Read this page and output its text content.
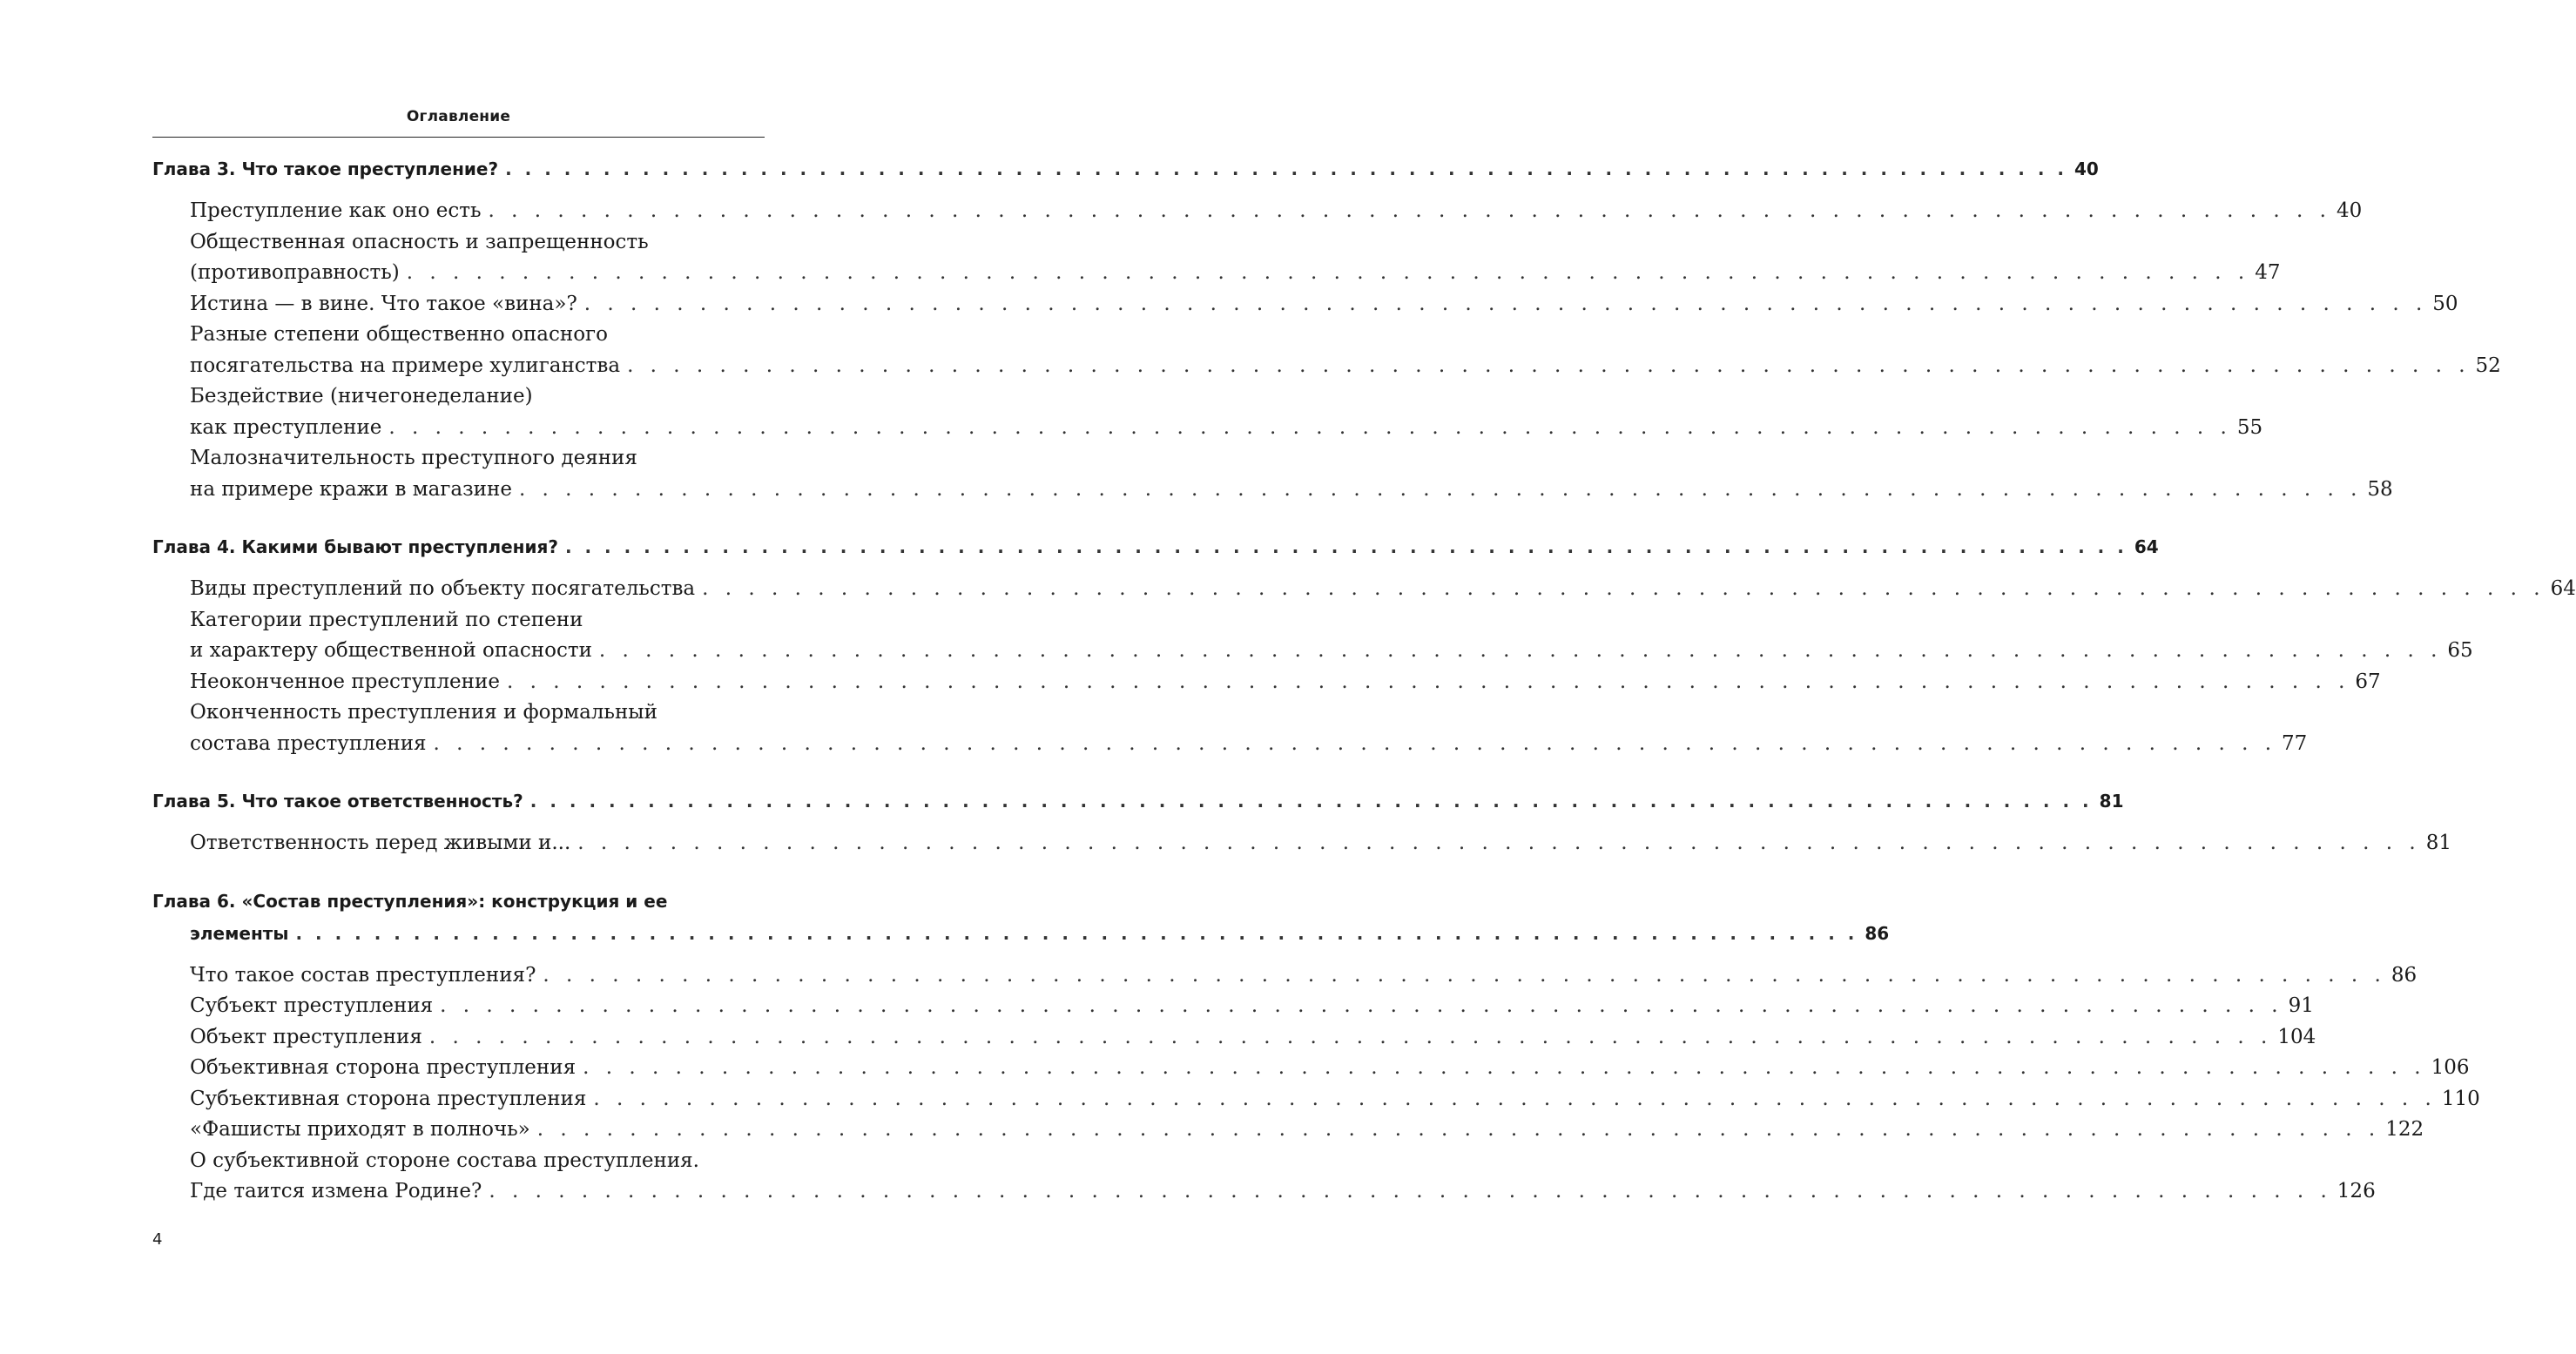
Оглавление
Глава 3. Что такое преступление? . . . . . . . . . . . . . . . . . . . . . . . . . . . . . . . . . . . . . . . . . . . . . . . . . . . . . . . . . . . . . . . . . . . . . . . . . . . . . . . . 40
Преступление как оно есть . . . . . . . . . . . . . . . . . . . . . . . . . . . . . . . . . . . . . . . . . . . . . . . . . . . . . . . . . . . . . . . . . . . . . . . . . . . . . . . . 40
Общественная опасность и запрещенность
(противоправность) . . . . . . . . . . . . . . . . . . . . . . . . . . . . . . . . . . . . . . . . . . . . . . . . . . . . . . . . . . . . . . . . . . . . . . . . . . . . . . . . 47
Истина — в вине. Что такое «вина»? . . . . . . . . . . . . . . . . . . . . . . . . . . . . . . . . . . . . . . . . . . . . . . . . . . . . . . . . . . . . . . . . . . . . . . . . . . . . . . . . 50
Разные степени общественно опасного
посягательства на примере хулиганства . . . . . . . . . . . . . . . . . . . . . . . . . . . . . . . . . . . . . . . . . . . . . . . . . . . . . . . . . . . . . . . . . . . . . . . . . . . . . . . . 52
Бездействие (ничегонеделание)
как преступление . . . . . . . . . . . . . . . . . . . . . . . . . . . . . . . . . . . . . . . . . . . . . . . . . . . . . . . . . . . . . . . . . . . . . . . . . . . . . . . . 55
Малозначительность преступного деяния
на примере кражи в магазине . . . . . . . . . . . . . . . . . . . . . . . . . . . . . . . . . . . . . . . . . . . . . . . . . . . . . . . . . . . . . . . . . . . . . . . . . . . . . . . . 58
Глава 4. Какими бывают преступления? . . . . . . . . . . . . . . . . . . . . . . . . . . . . . . . . . . . . . . . . . . . . . . . . . . . . . . . . . . . . . . . . . . . . . . . . . . . . . . . . 64
Виды преступлений по объекту посягательства . . . . . . . . . . . . . . . . . . . . . . . . . . . . . . . . . . . . . . . . . . . . . . . . . . . . . . . . . . . . . . . . . . . . . . . . . . . . . . . . 64
Категории преступлений по степени
и характеру общественной опасности . . . . . . . . . . . . . . . . . . . . . . . . . . . . . . . . . . . . . . . . . . . . . . . . . . . . . . . . . . . . . . . . . . . . . . . . . . . . . . . . 65
Неоконченное преступление . . . . . . . . . . . . . . . . . . . . . . . . . . . . . . . . . . . . . . . . . . . . . . . . . . . . . . . . . . . . . . . . . . . . . . . . . . . . . . . . 67
Оконченность преступления и формальный
состава преступления . . . . . . . . . . . . . . . . . . . . . . . . . . . . . . . . . . . . . . . . . . . . . . . . . . . . . . . . . . . . . . . . . . . . . . . . . . . . . . . . 77
Глава 5. Что такое ответственность? . . . . . . . . . . . . . . . . . . . . . . . . . . . . . . . . . . . . . . . . . . . . . . . . . . . . . . . . . . . . . . . . . . . . . . . . . . . . . . . . 81
Ответственность перед живыми и... . . . . . . . . . . . . . . . . . . . . . . . . . . . . . . . . . . . . . . . . . . . . . . . . . . . . . . . . . . . . . . . . . . . . . . . . . . . . . . . . 81
Глава 6. «Состав преступления»: конструкция и ее
элементы . . . . . . . . . . . . . . . . . . . . . . . . . . . . . . . . . . . . . . . . . . . . . . . . . . . . . . . . . . . . . . . . . . . . . . . . . . . . . . . . 86
Что такое состав преступления? . . . . . . . . . . . . . . . . . . . . . . . . . . . . . . . . . . . . . . . . . . . . . . . . . . . . . . . . . . . . . . . . . . . . . . . . . . . . . . . . 86
Субъект преступления . . . . . . . . . . . . . . . . . . . . . . . . . . . . . . . . . . . . . . . . . . . . . . . . . . . . . . . . . . . . . . . . . . . . . . . . . . . . . . . . 91
Объект преступления . . . . . . . . . . . . . . . . . . . . . . . . . . . . . . . . . . . . . . . . . . . . . . . . . . . . . . . . . . . . . . . . . . . . . . . . . . . . . . . . 104
Объективная сторона преступления . . . . . . . . . . . . . . . . . . . . . . . . . . . . . . . . . . . . . . . . . . . . . . . . . . . . . . . . . . . . . . . . . . . . . . . . . . . . . . . . 106
Субъективная сторона преступления . . . . . . . . . . . . . . . . . . . . . . . . . . . . . . . . . . . . . . . . . . . . . . . . . . . . . . . . . . . . . . . . . . . . . . . . . . . . . . . . 110
«Фашисты приходят в полночь» . . . . . . . . . . . . . . . . . . . . . . . . . . . . . . . . . . . . . . . . . . . . . . . . . . . . . . . . . . . . . . . . . . . . . . . . . . . . . . . . 122
О субъективной стороне состава преступления.
Где таится измена Родине? . . . . . . . . . . . . . . . . . . . . . . . . . . . . . . . . . . . . . . . . . . . . . . . . . . . . . . . . . . . . . . . . . . . . . . . . . . . . . . . . 126
4
